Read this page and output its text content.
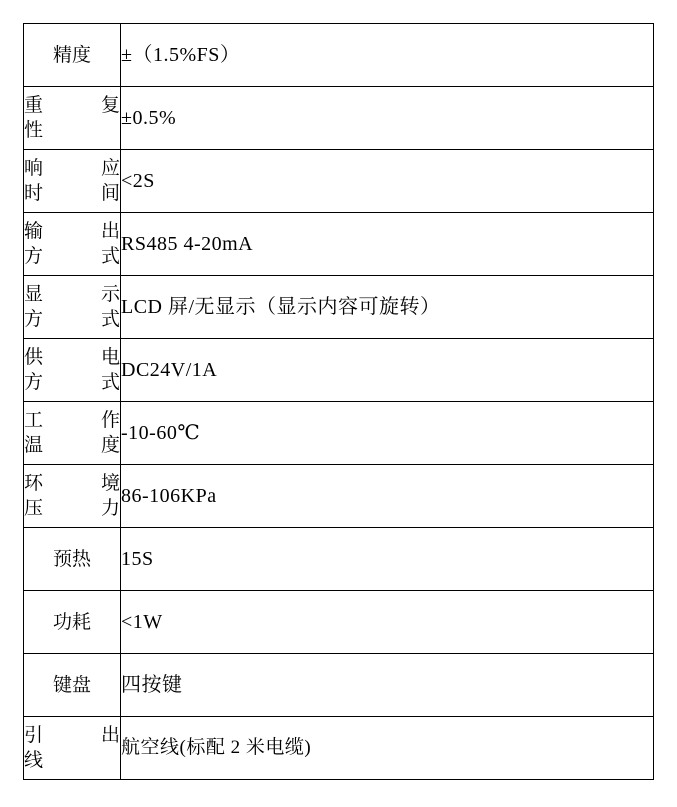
精度	±（1.5%FS）

重 复
性	±0.5%

响 应
时 间	<2S

输 出
方 式	RS485 4-20mA

显 示
方 式	LCD 屏/无显示（显示内容可旋转）

供 电
方 式	DC24V/1A

工 作
温 度	-10-60℃

环 境
压 力	86-106KPa

预热	15S

功耗	<1W

键盘	四按键

引 出
线	航空线(标配 2 米电缆)
